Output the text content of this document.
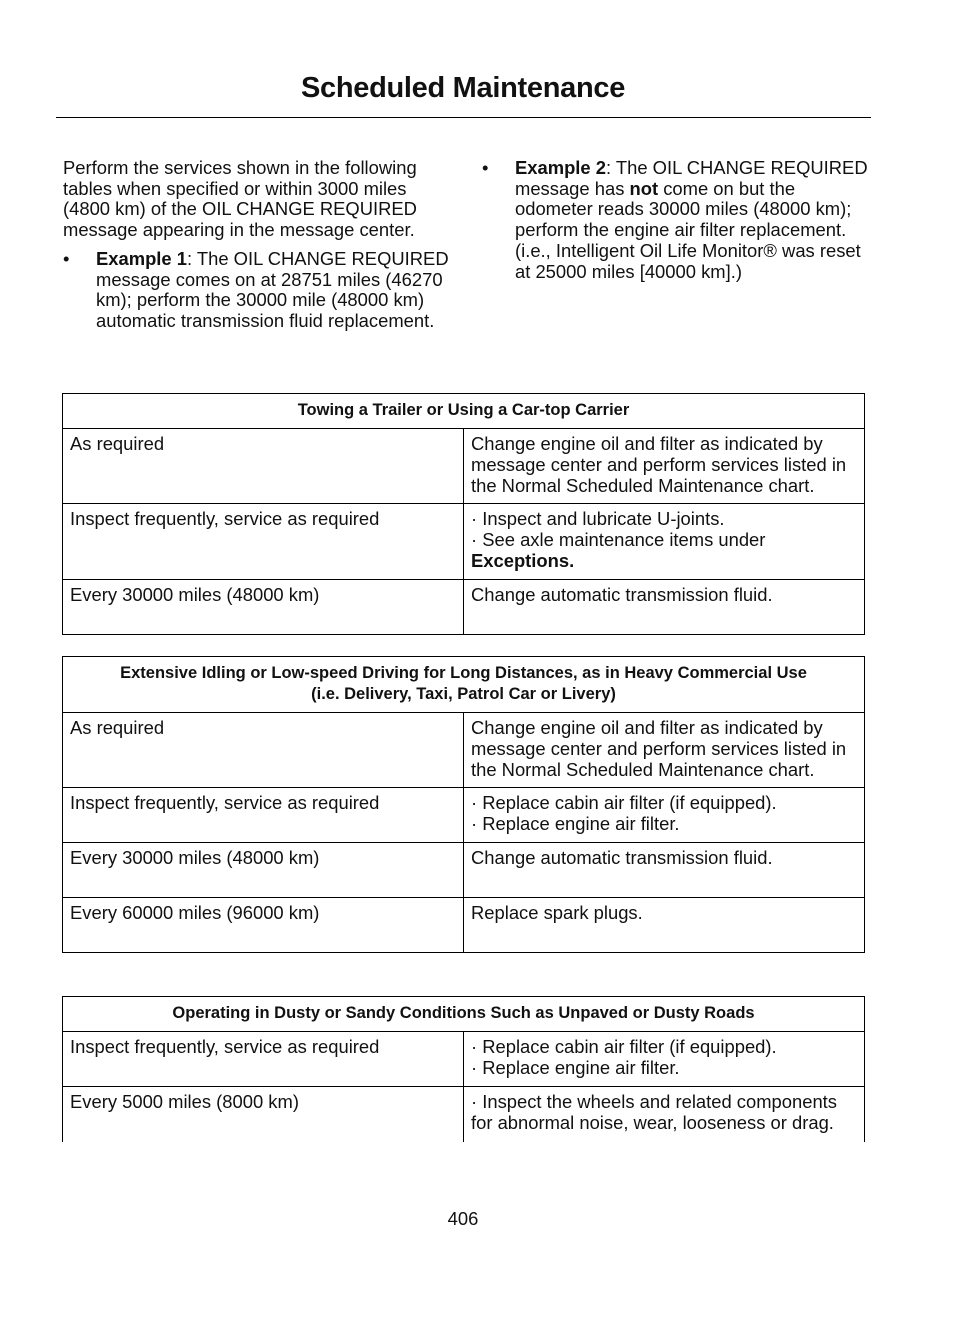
Scheduled Maintenance

Perform the services shown in the following tables when specified or within 3000 miles (4800 km) of the OIL CHANGE REQUIRED message appearing in the message center.

• Example 1: The OIL CHANGE REQUIRED message comes on at 28751 miles (46270 km); perform the 30000 mile (48000 km) automatic transmission fluid replacement.

• Example 2: The OIL CHANGE REQUIRED message has not come on but the odometer reads 30000 miles (48000 km); perform the engine air filter replacement. (i.e., Intelligent Oil Life Monitor® was reset at 25000 miles [40000 km].)

Towing a Trailer or Using a Car-top Carrier	
As required	Change engine oil and filter as indicated by message center and perform services listed in the Normal Scheduled Maintenance chart.

Inspect frequently, service as required	· Inspect and lubricate U-joints.
· See axle maintenance items under Exceptions.

Every 30000 miles (48000 km)	Change automatic transmission fluid.
Extensive Idling or Low-speed Driving for Long Distances, as in Heavy Commercial Use
(i.e. Delivery, Taxi, Patrol Car or Livery)	

As required	Change engine oil and filter as indicated by message center and perform services listed in the Normal Scheduled Maintenance chart.

Inspect frequently, service as required	· Replace cabin air filter (if equipped).
· Replace engine air filter.

Every 30000 miles (48000 km)	Change automatic transmission fluid.

Every 60000 miles (96000 km)	Replace spark plugs.
Operating in Dusty or Sandy Conditions Such as Unpaved or Dusty Roads	
Inspect frequently, service as required	· Replace cabin air filter (if equipped).
· Replace engine air filter.

Every 5000 miles (8000 km)	· Inspect the wheels and related components for abnormal noise, wear, looseness or drag.
406
